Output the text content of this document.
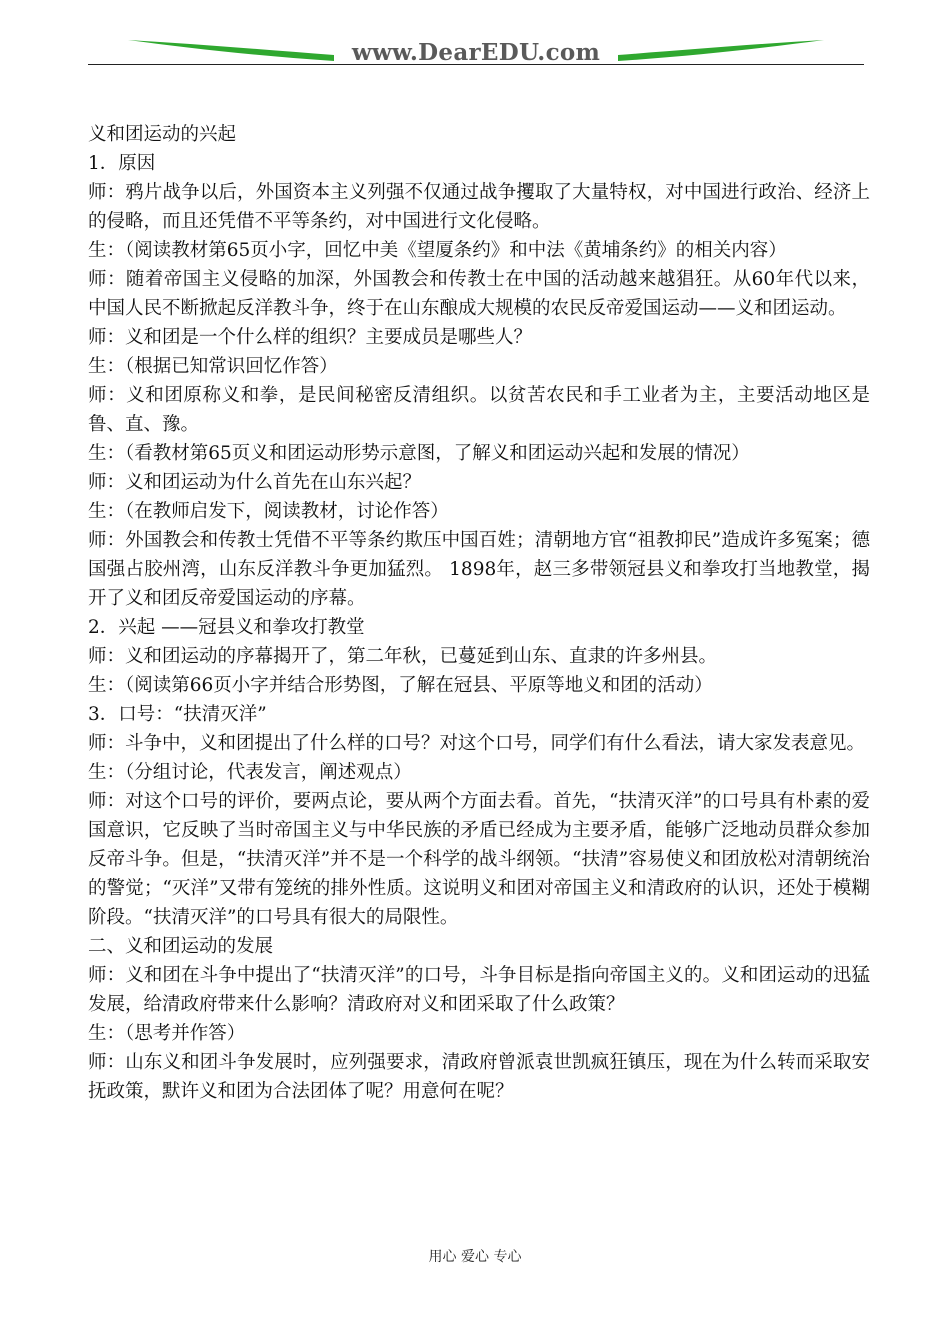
www.DearEDU.com

义和团运动的兴起

1．原因

师：鸦片战争以后，外国资本主义列强不仅通过战争攫取了大量特权，对中国进行政治、经济上的侵略，而且还凭借不平等条约，对中国进行文化侵略。

生：（阅读教材第65页小字，回忆中美《望厦条约》和中法《黄埔条约》的相关内容）

师：随着帝国主义侵略的加深，外国教会和传教士在中国的活动越来越猖狂。从60年代以来，中国人民不断掀起反洋教斗争，终于在山东酿成大规模的农民反帝爱国运动——义和团运动。

师：义和团是一个什么样的组织？主要成员是哪些人？

生：（根据已知常识回忆作答）

师：义和团原称义和拳，是民间秘密反清组织。以贫苦农民和手工业者为主，主要活动地区是鲁、直、豫。

生：（看教材第65页义和团运动形势示意图，了解义和团运动兴起和发展的情况）

师：义和团运动为什么首先在山东兴起？

生：（在教师启发下，阅读教材，讨论作答）

师：外国教会和传教士凭借不平等条约欺压中国百姓；清朝地方官“祖教抑民”造成许多冤案；德国强占胶州湾，山东反洋教斗争更加猛烈。 1898年，赵三多带领冠县义和拳攻打当地教堂，揭开了义和团反帝爱国运动的序幕。

2．兴起 ——冠县义和拳攻打教堂

师：义和团运动的序幕揭开了，第二年秋，已蔓延到山东、直隶的许多州县。

生：（阅读第66页小字并结合形势图，了解在冠县、平原等地义和团的活动）

3．口号：“扶清灭洋”

师：斗争中，义和团提出了什么样的口号？对这个口号，同学们有什么看法，请大家发表意见。

生：（分组讨论，代表发言，阐述观点）

师：对这个口号的评价，要两点论，要从两个方面去看。首先，“扶清灭洋”的口号具有朴素的爱国意识，它反映了当时帝国主义与中华民族的矛盾已经成为主要矛盾，能够广泛地动员群众参加反帝斗争。但是，“扶清灭洋”并不是一个科学的战斗纲领。“扶清”容易使义和团放松对清朝统治的警觉；“灭洋”又带有笼统的排外性质。这说明义和团对帝国主义和清政府的认识，还处于模糊阶段。“扶清灭洋”的口号具有很大的局限性。

二、义和团运动的发展

师：义和团在斗争中提出了“扶清灭洋”的口号，斗争目标是指向帝国主义的。义和团运动的迅猛发展，给清政府带来什么影响？清政府对义和团采取了什么政策？

生：（思考并作答）

师：山东义和团斗争发展时，应列强要求，清政府曾派袁世凯疯狂镇压，现在为什么转而采取安抚政策，默许义和团为合法团体了呢？用意何在呢？

用心 爱心 专心
